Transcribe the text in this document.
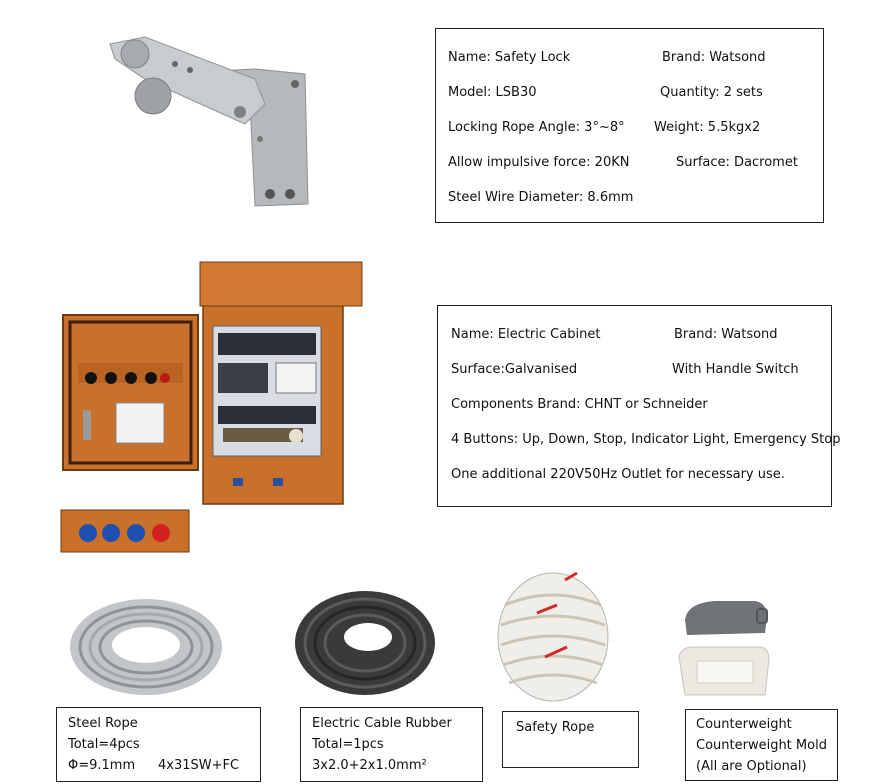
Name: Safety Lock	Brand: Watsond
Model: LSB30	Quantity: 2 sets
Locking Rope Angle: 3°~8° Weight: 5.5kgx2
Allow impulsive force: 20KN	Surface: Dacromet
Steel Wire Diameter: 8.6mm
Name: Electric Cabinet	Brand: Watsond
Surface:Galvanised	With Handle Switch
Components Brand: CHNT or Schneider
4 Buttons: Up, Down, Stop, Indicator Light, Emergency Stop
One additional 220V50Hz Outlet for necessary use.
Steel Rope
Total=4pcs
Φ=9.1mm 4x31SW+FC
Electric Cable Rubber
Total=1pcs
3x2.0+2x1.0mm²
Safety Rope	Counterweight
Counterweight Mold
(All are Optional)
